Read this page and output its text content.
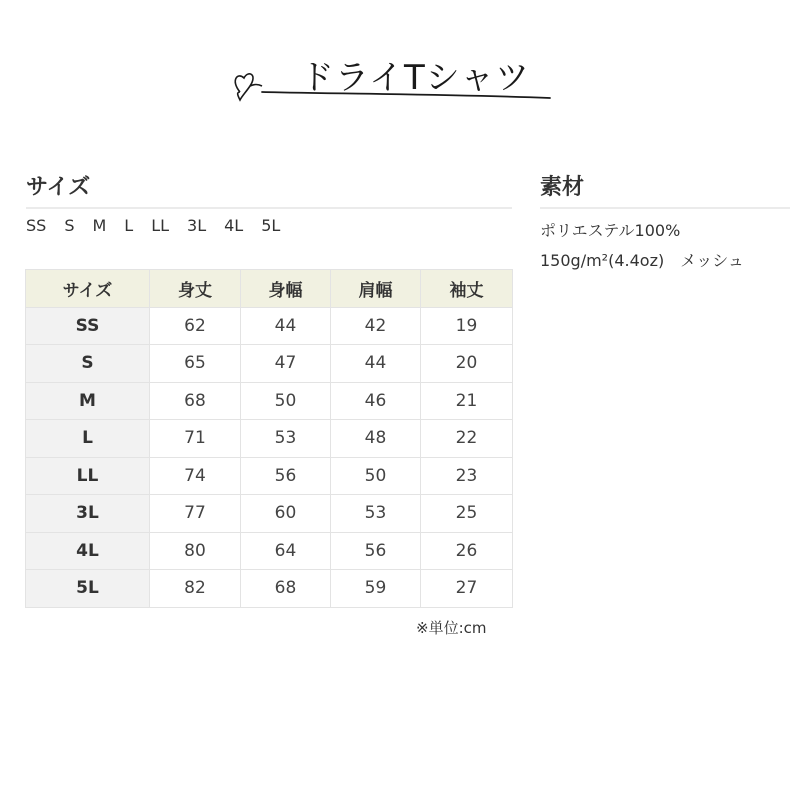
ドライTシャツ
サイズ	素材
SS S M L LL 3L 4L 5L	ポリエステル100%
150g/m²(4.4oz)　メッシュ
サイズ	身丈	身幅	肩幅	袖丈
SS	62	44	42	19
S	65	47	44	20
M	68	50	46	21
L	71	53	48	22
LL	74	56	50	23
3L	77	60	53	25
4L	80	64	56	26
5L	82	68	59	27
※単位:cm
